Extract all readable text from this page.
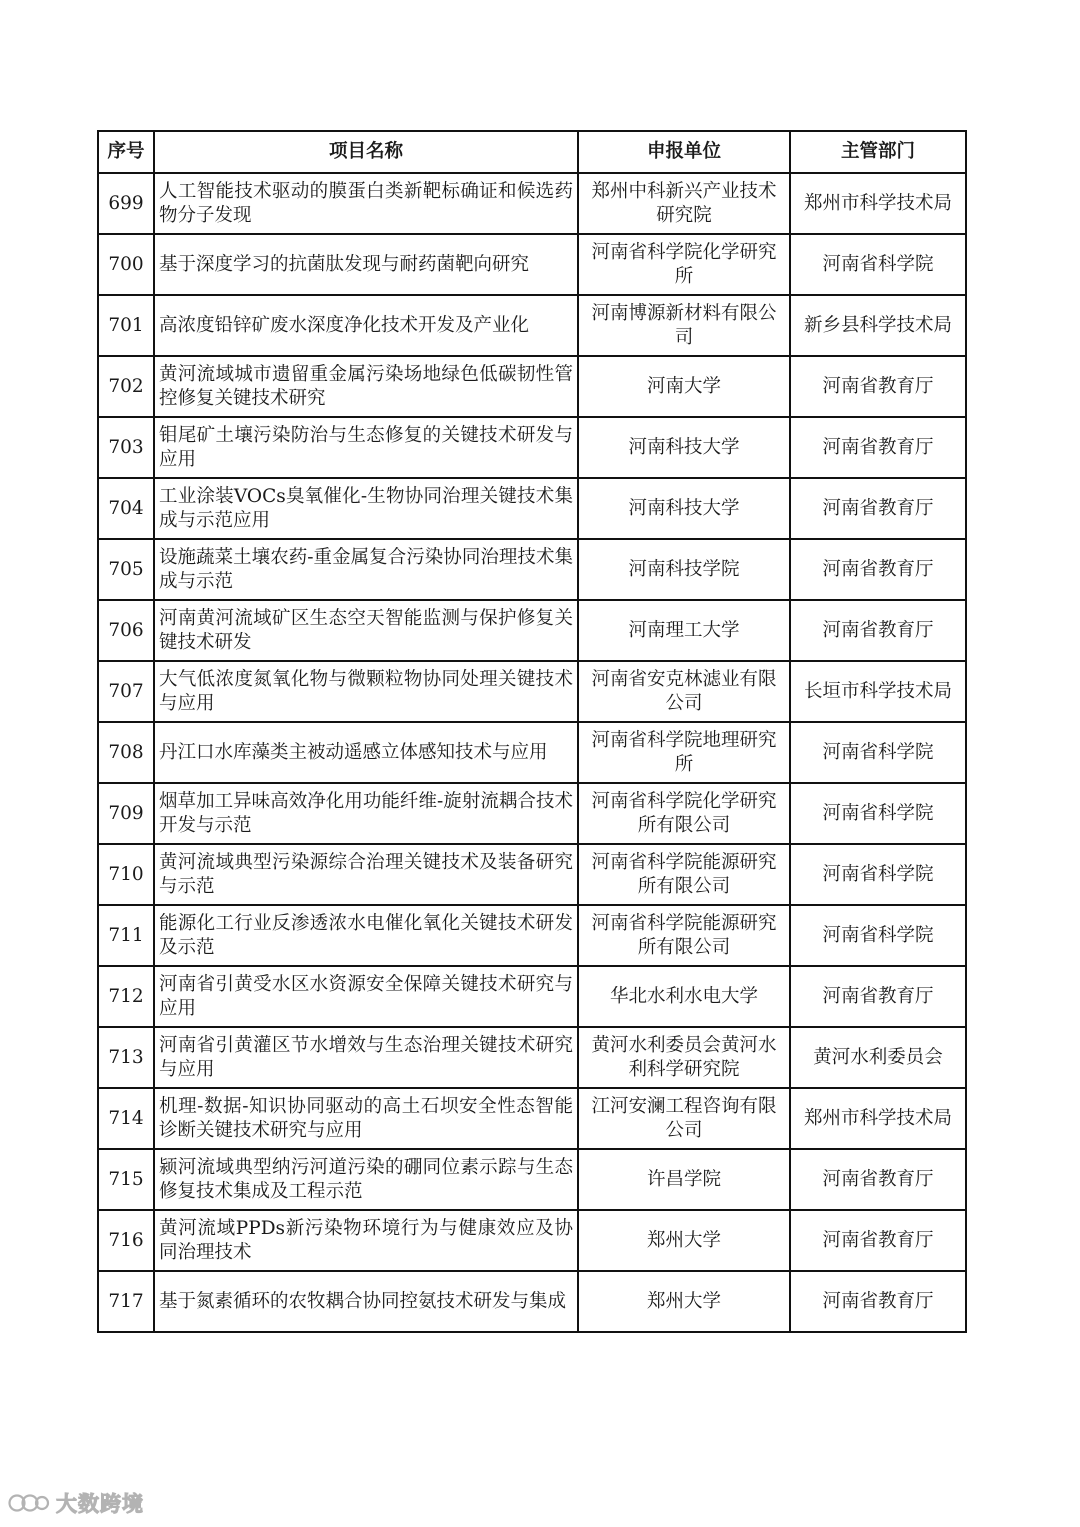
序号	项目名称	申报单位	主管部门
699	人工智能技术驱动的膜蛋白类新靶标确证和候选药物分子发现	郑州中科新兴产业技术研究院	郑州市科学技术局
700	基于深度学习的抗菌肽发现与耐药菌靶向研究	河南省科学院化学研究所	河南省科学院
701	高浓度铅锌矿废水深度净化技术开发及产业化	河南博源新材料有限公司	新乡县科学技术局
702	黄河流域城市遗留重金属污染场地绿色低碳韧性管控修复关键技术研究	河南大学	河南省教育厅
703	钼尾矿土壤污染防治与生态修复的关键技术研发与应用	河南科技大学	河南省教育厅
704	工业涂装VOCs臭氧催化-生物协同治理关键技术集成与示范应用	河南科技大学	河南省教育厅
705	设施蔬菜土壤农药-重金属复合污染协同治理技术集成与示范	河南科技学院	河南省教育厅
706	河南黄河流域矿区生态空天智能监测与保护修复关键技术研发	河南理工大学	河南省教育厅
707	大气低浓度氮氧化物与微颗粒物协同处理关键技术与应用	河南省安克林滤业有限公司	长垣市科学技术局
708	丹江口水库藻类主被动遥感立体感知技术与应用	河南省科学院地理研究所	河南省科学院
709	烟草加工异味高效净化用功能纤维-旋射流耦合技术开发与示范	河南省科学院化学研究所有限公司	河南省科学院
710	黄河流域典型污染源综合治理关键技术及装备研究与示范	河南省科学院能源研究所有限公司	河南省科学院
711	能源化工行业反渗透浓水电催化氧化关键技术研发及示范	河南省科学院能源研究所有限公司	河南省科学院
712	河南省引黄受水区水资源安全保障关键技术研究与应用	华北水利水电大学	河南省教育厅
713	河南省引黄灌区节水增效与生态治理关键技术研究与应用	黄河水利委员会黄河水利科学研究院	黄河水利委员会
714	机理-数据-知识协同驱动的高土石坝安全性态智能诊断关键技术研究与应用	江河安澜工程咨询有限公司	郑州市科学技术局
715	颍河流域典型纳污河道污染的硼同位素示踪与生态修复技术集成及工程示范	许昌学院	河南省教育厅
716	黄河流域PPDs新污染物环境行为与健康效应及协同治理技术	郑州大学	河南省教育厅
717	基于氮素循环的农牧耦合协同控氨技术研发与集成	郑州大学	河南省教育厅
大数跨境
